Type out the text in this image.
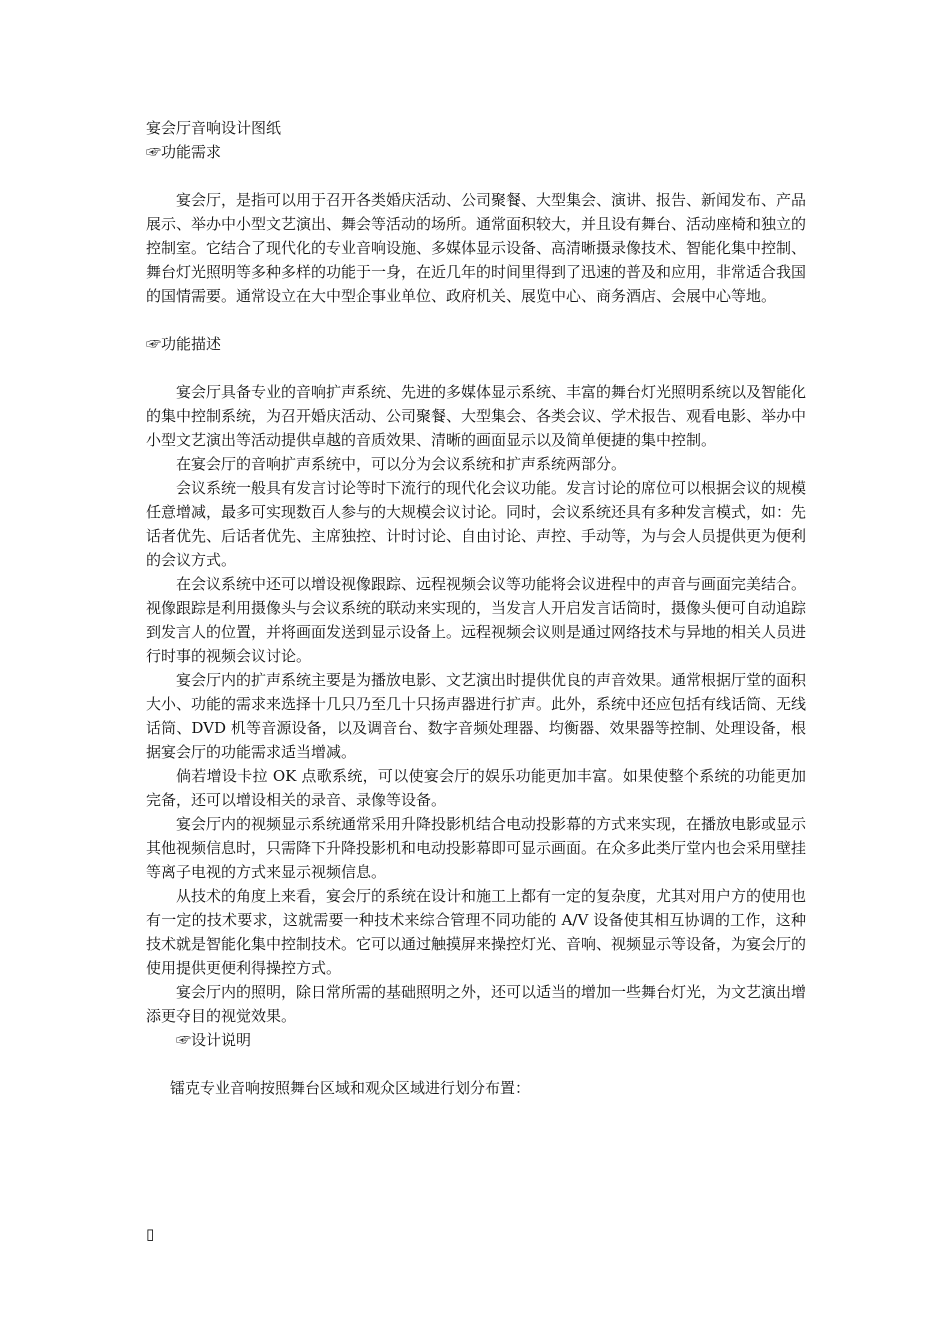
宴会厅音响设计图纸
☞功能需求

宴会厅，是指可以用于召开各类婚庆活动、公司聚餐、大型集会、演讲、报告、新闻发布、产品展示、举办中小型文艺演出、舞会等活动的场所。通常面积较大，并且设有舞台、活动座椅和独立的控制室。它结合了现代化的专业音响设施、多媒体显示设备、高清晰摄录像技术、智能化集中控制、舞台灯光照明等多种多样的功能于一身，在近几年的时间里得到了迅速的普及和应用，非常适合我国的国情需要。通常设立在大中型企事业单位、政府机关、展览中心、商务酒店、会展中心等地。

☞功能描述

宴会厅具备专业的音响扩声系统、先进的多媒体显示系统、丰富的舞台灯光照明系统以及智能化的集中控制系统，为召开婚庆活动、公司聚餐、大型集会、各类会议、学术报告、观看电影、举办中小型文艺演出等活动提供卓越的音质效果、清晰的画面显示以及简单便捷的集中控制。

在宴会厅的音响扩声系统中，可以分为会议系统和扩声系统两部分。

会议系统一般具有发言讨论等时下流行的现代化会议功能。发言讨论的席位可以根据会议的规模任意增减，最多可实现数百人参与的大规模会议讨论。同时，会议系统还具有多种发言模式，如：先话者优先、后话者优先、主席独控、计时讨论、自由讨论、声控、手动等，为与会人员提供更为便利的会议方式。

在会议系统中还可以增设视像跟踪、远程视频会议等功能将会议进程中的声音与画面完美结合。视像跟踪是利用摄像头与会议系统的联动来实现的，当发言人开启发言话筒时，摄像头便可自动追踪到发言人的位置，并将画面发送到显示设备上。远程视频会议则是通过网络技术与异地的相关人员进行时事的视频会议讨论。

宴会厅内的扩声系统主要是为播放电影、文艺演出时提供优良的声音效果。通常根据厅堂的面积大小、功能的需求来选择十几只乃至几十只扬声器进行扩声。此外，系统中还应包括有线话筒、无线话筒、DVD 机等音源设备，以及调音台、数字音频处理器、均衡器、效果器等控制、处理设备，根据宴会厅的功能需求适当增减。

倘若增设卡拉 OK 点歌系统，可以使宴会厅的娱乐功能更加丰富。如果使整个系统的功能更加完备，还可以增设相关的录音、录像等设备。

宴会厅内的视频显示系统通常采用升降投影机结合电动投影幕的方式来实现，在播放电影或显示其他视频信息时，只需降下升降投影机和电动投影幕即可显示画面。在众多此类厅堂内也会采用壁挂等离子电视的方式来显示视频信息。

从技术的角度上来看，宴会厅的系统在设计和施工上都有一定的复杂度，尤其对用户方的使用也有一定的技术要求，这就需要一种技术来综合管理不同功能的 A/V 设备使其相互协调的工作，这种技术就是智能化集中控制技术。它可以通过触摸屏来操控灯光、音响、视频显示等设备，为宴会厅的使用提供更便利得操控方式。

宴会厅内的照明，除日常所需的基础照明之外，还可以适当的增加一些舞台灯光，为文艺演出增添更夺目的视觉效果。

☞设计说明
镭克专业音响按照舞台区域和观众区域进行划分布置：
▯
